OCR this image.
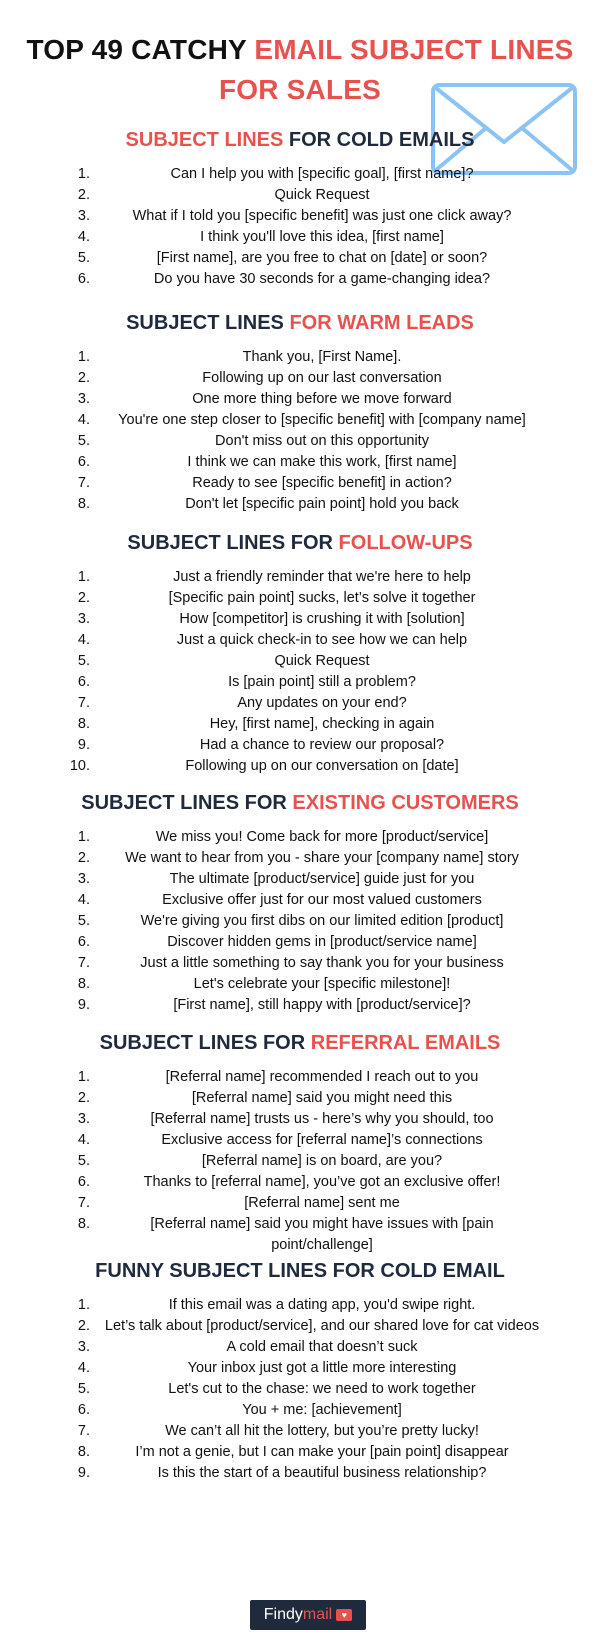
TOP 49 CATCHY EMAIL SUBJECT LINES FOR SALES
SUBJECT LINES FOR COLD EMAILS
1.	Can I help you with [specific goal], [first name]?
2.	Quick Request
3.	What if I told you [specific benefit] was just one click away?
4.	I think you'll love this idea, [first name]
5.	[First name], are you free to chat on [date] or soon?
6.	Do you have 30 seconds for a game-changing idea?
SUBJECT LINES FOR WARM LEADS
1.	Thank you, [First Name].
2.	Following up on our last conversation
3.	One more thing before we move forward
4.	You're one step closer to [specific benefit] with [company name]
5.	Don't miss out on this opportunity
6.	I think we can make this work, [first name]
7.	Ready to see [specific benefit] in action?
8.	Don't let [specific pain point] hold you back
SUBJECT LINES FOR FOLLOW-UPS
1.	Just a friendly reminder that we're here to help
2.	[Specific pain point] sucks, let’s solve it together
3.	How [competitor] is crushing it with [solution]
4.	Just a quick check-in to see how we can help
5.	Quick Request
6.	Is [pain point] still a problem?
7.	Any updates on your end?
8.	Hey, [first name], checking in again
9.	Had a chance to review our proposal?
10.	Following up on our conversation on [date]
SUBJECT LINES FOR EXISTING CUSTOMERS
1.	We miss you! Come back for more [product/service]
2.	We want to hear from you - share your [company name] story
3.	The ultimate [product/service] guide just for you
4.	Exclusive offer just for our most valued customers
5.	We're giving you first dibs on our limited edition [product]
6.	Discover hidden gems in [product/service name]
7.	Just a little something to say thank you for your business
8.	Let's celebrate your [specific milestone]!
9.	[First name], still happy with [product/service]?
SUBJECT LINES FOR REFERRAL EMAILS
1.	[Referral name] recommended I reach out to you
2.	[Referral name] said you might need this
3.	[Referral name] trusts us - here’s why you should, too
4.	Exclusive access for [referral name]’s connections
5.	[Referral name] is on board, are you?
6.	Thanks to [referral name], you’ve got an exclusive offer!
7.	[Referral name] sent me
8.	[Referral name] said you might have issues with [pain point/challenge]
FUNNY SUBJECT LINES FOR COLD EMAIL
1.	If this email was a dating app, you'd swipe right.
2.	Let’s talk about [product/service], and our shared love for cat videos
3.	A cold email that doesn’t suck
4.	Your inbox just got a little more interesting
5.	Let's cut to the chase: we need to work together
6.	You + me: [achievement]
7.	We can’t all hit the lottery, but you’re pretty lucky!
8.	I’m not a genie, but I can make your [pain point] disappear
9.	Is this the start of a beautiful business relationship?
Findymail ♥
